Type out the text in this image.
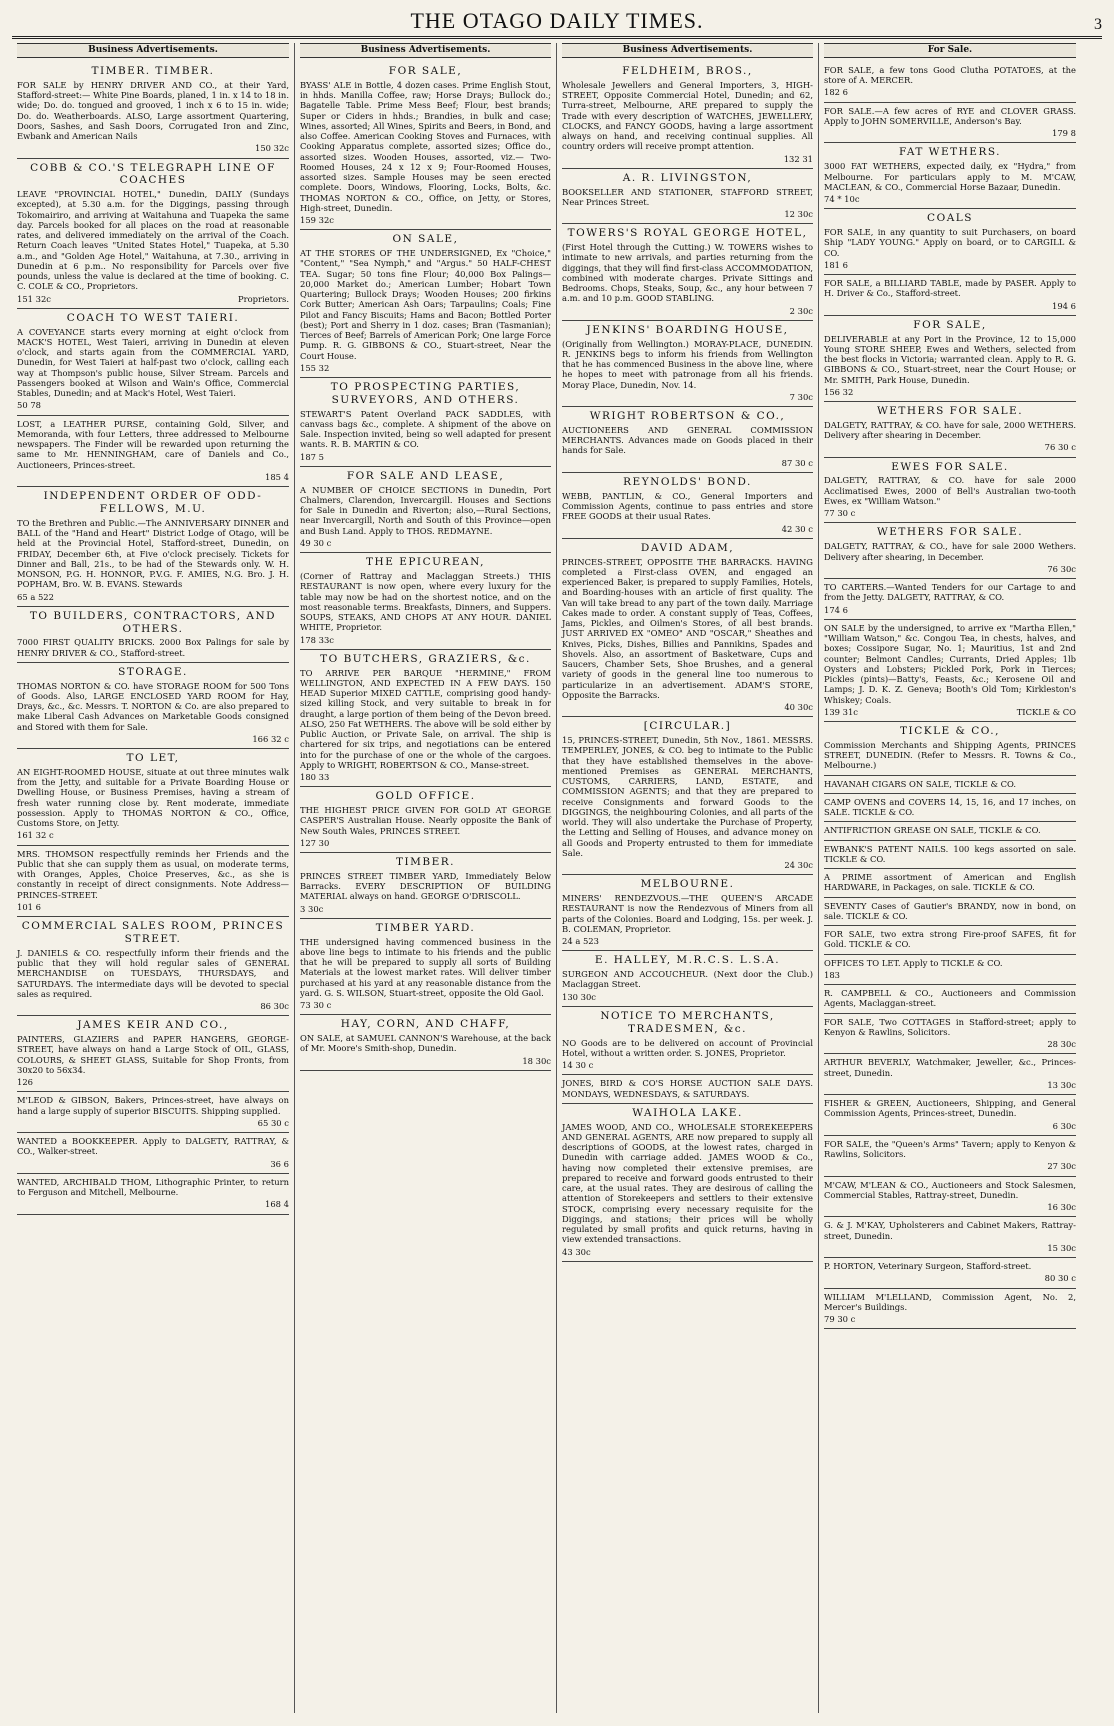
THE OTAGO DAILY TIMES.	3
Business Advertisements.
TIMBER. TIMBER.
FOR SALE by HENRY DRIVER AND CO., at their Yard, Stafford-street:— White Pine Boards, planed, 1 in. x 14 to 18 in. wide; Do. do. tongued and grooved, 1 inch x 6 to 15 in. wide; Do. do. Weatherboards. ALSO, Large assortment Quartering, Doors, Sashes, and Sash Doors, Corrugated Iron and Zinc, Ewbank and American Nails
150 32c
COBB & CO.'S TELEGRAPH LINE OF COACHES
LEAVE "PROVINCIAL HOTEL," Dunedin, DAILY (Sundays excepted), at 5.30 a.m. for the Diggings, passing through Tokomairiro, and arriving at Waitahuna and Tuapeka the same day. Parcels booked for all places on the road at reasonable rates, and delivered immediately on the arrival of the Coach. Return Coach leaves "United States Hotel," Tuapeka, at 5.30 a.m., and "Golden Age Hotel," Waitahuna, at 7.30., arriving in Dunedin at 6 p.m.. No responsibility for Parcels over five pounds, unless the value is declared at the time of booking. C. C. COLE & CO., Proprietors.
151 32c	Proprietors.
COACH TO WEST TAIERI.
A COVEYANCE starts every morning at eight o'clock from MACK'S HOTEL, West Taieri, arriving in Dunedin at eleven o'clock, and starts again from the COMMERCIAL YARD, Dunedin, for West Taieri at half-past two o'clock, calling each way at Thompson's public house, Silver Stream. Parcels and Passengers booked at Wilson and Wain's Office, Commercial Stables, Dunedin; and at Mack's Hotel, West Taieri.
50 78
LOST, a LEATHER PURSE, containing Gold, Silver, and Memoranda, with four Letters, three addressed to Melbourne newspapers. The Finder will be rewarded upon returning the same to Mr. HENNINGHAM, care of Daniels and Co., Auctioneers, Princes-street.
185 4
INDEPENDENT ORDER OF ODD-FELLOWS, M.U.
TO the Brethren and Public.—The ANNIVERSARY DINNER and BALL of the "Hand and Heart" District Lodge of Otago, will be held at the Provincial Hotel, Stafford-street, Dunedin, on FRIDAY, December 6th, at Five o'clock precisely. Tickets for Dinner and Ball, 21s., to be had of the Stewards only. W. H. MONSON, P.G. H. HONNOR, P.V.G. F. AMIES, N.G. Bro. J. H. POPHAM, Bro. W. B. EVANS. Stewards
65 a 522
TO BUILDERS, CONTRACTORS, AND OTHERS.
7000 FIRST QUALITY BRICKS. 2000 Box Palings for sale by HENRY DRIVER & CO., Stafford-street.
STORAGE.
THOMAS NORTON & CO. have STORAGE ROOM for 500 Tons of Goods. Also, LARGE ENCLOSED YARD ROOM for Hay, Drays, &c., &c. Messrs. T. NORTON & Co. are also prepared to make Liberal Cash Advances on Marketable Goods consigned and Stored with them for Sale.
166 32 c
TO LET,
AN EIGHT-ROOMED HOUSE, situate at out three minutes walk from the Jetty, and suitable for a Private Boarding House or Dwelling House, or Business Premises, having a stream of fresh water running close by. Rent moderate, immediate possession. Apply to THOMAS NORTON & CO., Office, Customs Store, on Jetty.
161 32 c
MRS. THOMSON respectfully reminds her Friends and the Public that she can supply them as usual, on moderate terms, with Oranges, Apples, Choice Preserves, &c., as she is constantly in receipt of direct consignments. Note Address—PRINCES-STREET.
101 6
COMMERCIAL SALES ROOM, PRINCES STREET.
J. DANIELS & CO. respectfully inform their friends and the public that they will hold regular sales of GENERAL MERCHANDISE on TUESDAYS, THURSDAYS, and SATURDAYS. The intermediate days will be devoted to special sales as required.
86 30c
JAMES KEIR AND CO.,
PAINTERS, GLAZIERS and PAPER HANGERS, GEORGE-STREET, have always on hand a Large Stock of OIL, GLASS, COLOURS, & SHEET GLASS, Suitable for Shop Fronts, from 30x20 to 56x34.
126
M'LEOD & GIBSON, Bakers, Princes-street, have always on hand a large supply of superior BISCUITS. Shipping supplied.
65 30 c
WANTED a BOOKKEEPER. Apply to DALGETY, RATTRAY, & CO., Walker-street.
36 6
WANTED, ARCHIBALD THOM, Lithographic Printer, to return to Ferguson and Mitchell, Melbourne.
168 4
Business Advertisements.
FOR SALE,
BYASS' ALE in Bottle, 4 dozen cases. Prime English Stout, in hhds. Manilla Coffee, raw; Horse Drays; Bullock do.; Bagatelle Table. Prime Mess Beef; Flour, best brands; Super or Ciders in hhds.; Brandies, in bulk and case; Wines, assorted; All Wines, Spirits and Beers, in Bond, and also Coffee. American Cooking Stoves and Furnaces, with Cooking Apparatus complete, assorted sizes; Office do., assorted sizes. Wooden Houses, assorted, viz.— Two-Roomed Houses, 24 x 12 x 9; Four-Roomed Houses, assorted sizes. Sample Houses may be seen erected complete. Doors, Windows, Flooring, Locks, Bolts, &c. THOMAS NORTON & CO., Office, on Jetty, or Stores, High-street, Dunedin.
159 32c
ON SALE,
AT THE STORES OF THE UNDERSIGNED, Ex "Choice," "Content," "Sea Nymph," and "Argus." 50 HALF-CHEST TEA. Sugar; 50 tons fine Flour; 40,000 Box Palings—20,000 Market do.; American Lumber; Hobart Town Quartering; Bullock Drays; Wooden Houses; 200 firkins Cork Butter; American Ash Oars; Tarpaulins; Coals; Fine Pilot and Fancy Biscuits; Hams and Bacon; Bottled Porter (best); Port and Sherry in 1 doz. cases; Bran (Tasmanian); Tierces of Beef; Barrels of American Pork; One large Force Pump. R. G. GIBBONS & CO., Stuart-street, Near the Court House.
155 32
TO PROSPECTING PARTIES, SURVEYORS, AND OTHERS.
STEWART'S Patent Overland PACK SADDLES, with canvass bags &c., complete. A shipment of the above on Sale. Inspection invited, being so well adapted for present wants. R. B. MARTIN & CO.
187 5
FOR SALE AND LEASE,
A NUMBER OF CHOICE SECTIONS in Dunedin, Port Chalmers, Clarendon, Invercargill. Houses and Sections for Sale in Dunedin and Riverton; also,—Rural Sections, near Invercargill, North and South of this Province—open and Bush Land. Apply to THOS. REDMAYNE.
49 30 c
THE EPICUREAN,
(Corner of Rattray and Maclaggan Streets.) THIS RESTAURANT is now open, where every luxury for the table may now be had on the shortest notice, and on the most reasonable terms. Breakfasts, Dinners, and Suppers. SOUPS, STEAKS, AND CHOPS AT ANY HOUR. DANIEL WHITE, Proprietor.
178 33c
TO BUTCHERS, GRAZIERS, &c.
TO ARRIVE PER BARQUE "HERMINE," FROM WELLINGTON, AND EXPECTED IN A FEW DAYS. 150 HEAD Superior MIXED CATTLE, comprising good handy-sized killing Stock, and very suitable to break in for draught, a large portion of them being of the Devon breed. ALSO, 250 Fat WETHERS. The above will be sold either by Public Auction, or Private Sale, on arrival. The ship is chartered for six trips, and negotiations can be entered into for the purchase of one or the whole of the cargoes. Apply to WRIGHT, ROBERTSON & CO., Manse-street.
180 33
GOLD OFFICE.
THE HIGHEST PRICE GIVEN FOR GOLD AT GEORGE CASPER'S Australian House. Nearly opposite the Bank of New South Wales, PRINCES STREET.
127 30
TIMBER.
PRINCES STREET TIMBER YARD, Immediately Below Barracks. EVERY DESCRIPTION OF BUILDING MATERIAL always on hand. GEORGE O'DRISCOLL.
3 30c
TIMBER YARD.
THE undersigned having commenced business in the above line begs to intimate to his friends and the public that he will be prepared to supply all sorts of Building Materials at the lowest market rates. Will deliver timber purchased at his yard at any reasonable distance from the yard. G. S. WILSON, Stuart-street, opposite the Old Gaol.
73 30 c
HAY, CORN, AND CHAFF,
ON SALE, at SAMUEL CANNON'S Warehouse, at the back of Mr. Moore's Smith-shop, Dunedin.
18 30c
Business Advertisements.
FELDHEIM, BROS.,
Wholesale Jewellers and General Importers, 3, HIGH-STREET, Opposite Commercial Hotel, Dunedin; and 62, Turra-street, Melbourne, ARE prepared to supply the Trade with every description of WATCHES, JEWELLERY, CLOCKS, and FANCY GOODS, having a large assortment always on hand, and receiving continual supplies. All country orders will receive prompt attention.
132 31
A. R. LIVINGSTON,
BOOKSELLER AND STATIONER, STAFFORD STREET, Near Princes Street.
12 30c
TOWERS'S ROYAL GEORGE HOTEL,
(First Hotel through the Cutting.) W. TOWERS wishes to intimate to new arrivals, and parties returning from the diggings, that they will find first-class ACCOMMODATION, combined with moderate charges. Private Sittings and Bedrooms. Chops, Steaks, Soup, &c., any hour between 7 a.m. and 10 p.m. GOOD STABLING.
2 30c
JENKINS' BOARDING HOUSE,
(Originally from Wellington.) MORAY-PLACE, DUNEDIN. R. JENKINS begs to inform his friends from Wellington that he has commenced Business in the above line, where he hopes to meet with patronage from all his friends. Moray Place, Dunedin, Nov. 14.
7 30c
WRIGHT ROBERTSON & CO.,
AUCTIONEERS AND GENERAL COMMISSION MERCHANTS. Advances made on Goods placed in their hands for Sale.
87 30 c
REYNOLDS' BOND.
WEBB, PANTLIN, & CO., General Importers and Commission Agents, continue to pass entries and store FREE GOODS at their usual Rates.
42 30 c
DAVID ADAM,
PRINCES-STREET, OPPOSITE THE BARRACKS. HAVING completed a First-class OVEN, and engaged an experienced Baker, is prepared to supply Families, Hotels, and Boarding-houses with an article of first quality. The Van will take bread to any part of the town daily. Marriage Cakes made to order. A constant supply of Teas, Coffees, Jams, Pickles, and Oilmen's Stores, of all best brands. JUST ARRIVED EX "OMEO" AND "OSCAR," Sheathes and Knives, Picks, Dishes, Billies and Pannikins, Spades and Shovels. Also, an assortment of Basketware, Cups and Saucers, Chamber Sets, Shoe Brushes, and a general variety of goods in the general line too numerous to particularize in an advertisement. ADAM'S STORE, Opposite the Barracks.
40 30c
[CIRCULAR.]
15, PRINCES-STREET, Dunedin, 5th Nov., 1861. MESSRS. TEMPERLEY, JONES, & CO. beg to intimate to the Public that they have established themselves in the above-mentioned Premises as GENERAL MERCHANTS, CUSTOMS, CARRIERS, LAND, ESTATE, and COMMISSION AGENTS; and that they are prepared to receive Consignments and forward Goods to the DIGGINGS, the neighbouring Colonies, and all parts of the world. They will also undertake the Purchase of Property, the Letting and Selling of Houses, and advance money on all Goods and Property entrusted to them for immediate Sale.
24 30c
MELBOURNE.
MINERS' RENDEZVOUS.—THE QUEEN'S ARCADE RESTAURANT is now the Rendezvous of Miners from all parts of the Colonies. Board and Lodging, 15s. per week. J. B. COLEMAN, Proprietor.
24 a 523
E. HALLEY, M.R.C.S. L.S.A.
SURGEON AND ACCOUCHEUR. (Next door the Club.) Maclaggan Street.
130 30c
NOTICE TO MERCHANTS, TRADESMEN, &c.
NO Goods are to be delivered on account of Provincial Hotel, without a written order. S. JONES, Proprietor.
14 30 c
JONES, BIRD & CO'S HORSE AUCTION SALE DAYS. MONDAYS, WEDNESDAYS, & SATURDAYS.
WAIHOLA LAKE.
JAMES WOOD, AND CO., WHOLESALE STOREKEEPERS AND GENERAL AGENTS, ARE now prepared to supply all descriptions of GOODS, at the lowest rates, charged in Dunedin with carriage added. JAMES WOOD & Co., having now completed their extensive premises, are prepared to receive and forward goods entrusted to their care, at the usual rates. They are desirous of calling the attention of Storekeepers and settlers to their extensive STOCK, comprising every necessary requisite for the Diggings, and stations; their prices will be wholly regulated by small profits and quick returns, having in view extended transactions.
43 30c
For Sale.
FOR SALE, a few tons Good Clutha POTATOES, at the store of A. MERCER.
182 6
FOR SALE.—A few acres of RYE and CLOVER GRASS. Apply to JOHN SOMERVILLE, Anderson's Bay.
179 8
FAT WETHERS.
3000 FAT WETHERS, expected daily, ex "Hydra," from Melbourne. For particulars apply to M. M'CAW, MACLEAN, & CO., Commercial Horse Bazaar, Dunedin.
74 * 10c
COALS
FOR SALE, in any quantity to suit Purchasers, on board Ship "LADY YOUNG." Apply on board, or to CARGILL & CO.
181 6
FOR SALE, a BILLIARD TABLE, made by PASER. Apply to H. Driver & Co., Stafford-street.
194 6
FOR SALE,
DELIVERABLE at any Port in the Province, 12 to 15,000 Young STORE SHEEP, Ewes and Wethers, selected from the best flocks in Victoria; warranted clean. Apply to R. G. GIBBONS & CO., Stuart-street, near the Court House; or Mr. SMITH, Park House, Dunedin.
156 32
WETHERS FOR SALE.
DALGETY, RATTRAY, & CO. have for sale, 2000 WETHERS. Delivery after shearing in December.
76 30 c
EWES FOR SALE.
DALGETY, RATTRAY, & CO. have for sale 2000 Acclimatised Ewes, 2000 of Bell's Australian two-tooth Ewes, ex "William Watson."
77 30 c
WETHERS FOR SALE.
DALGETY, RATTRAY, & CO., have for sale 2000 Wethers. Delivery after shearing, in December.
76 30c
TO CARTERS.—Wanted Tenders for our Cartage to and from the Jetty. DALGETY, RATTRAY, & CO.
174 6
ON SALE by the undersigned, to arrive ex "Martha Ellen," "William Watson," &c. Congou Tea, in chests, halves, and boxes; Cossipore Sugar, No. 1; Mauritius, 1st and 2nd counter; Belmont Candles; Currants, Dried Apples; 1lb Oysters and Lobsters; Pickled Pork, Pork in Tierces; Pickles (pints)—Batty's, Feasts, &c.; Kerosene Oil and Lamps; J. D. K. Z. Geneva; Booth's Old Tom; Kirkleston's Whiskey; Coals.
139 31c	TICKLE & CO
TICKLE & CO.,
Commission Merchants and Shipping Agents, PRINCES STREET, DUNEDIN. (Refer to Messrs. R. Towns & Co., Melbourne.)
HAVANAH CIGARS ON SALE, TICKLE & CO.
CAMP OVENS and COVERS 14, 15, 16, and 17 inches, on SALE. TICKLE & CO.
ANTIFRICTION GREASE ON SALE, TICKLE & CO.
EWBANK'S PATENT NAILS. 100 kegs assorted on sale. TICKLE & CO.
A PRIME assortment of American and English HARDWARE, in Packages, on sale. TICKLE & CO.
SEVENTY Cases of Gautier's BRANDY, now in bond, on sale. TICKLE & CO.
FOR SALE, two extra strong Fire-proof SAFES, fit for Gold. TICKLE & CO.
OFFICES TO LET. Apply to TICKLE & CO.
183
R. CAMPBELL & CO., Auctioneers and Commission Agents, Maclaggan-street.
FOR SALE, Two COTTAGES in Stafford-street; apply to Kenyon & Rawlins, Solicitors.
28 30c
ARTHUR BEVERLY, Watchmaker, Jeweller, &c., Princes-street, Dunedin.
13 30c
FISHER & GREEN, Auctioneers, Shipping, and General Commission Agents, Princes-street, Dunedin.
6 30c
FOR SALE, the "Queen's Arms" Tavern; apply to Kenyon & Rawlins, Solicitors.
27 30c
M'CAW, M'LEAN & CO., Auctioneers and Stock Salesmen, Commercial Stables, Rattray-street, Dunedin.
16 30c
G. & J. M'KAY, Upholsterers and Cabinet Makers, Rattray-street, Dunedin.
15 30c
P. HORTON, Veterinary Surgeon, Stafford-street.
80 30 c
WILLIAM M'LELLAND, Commission Agent, No. 2, Mercer's Buildings.
79 30 c
